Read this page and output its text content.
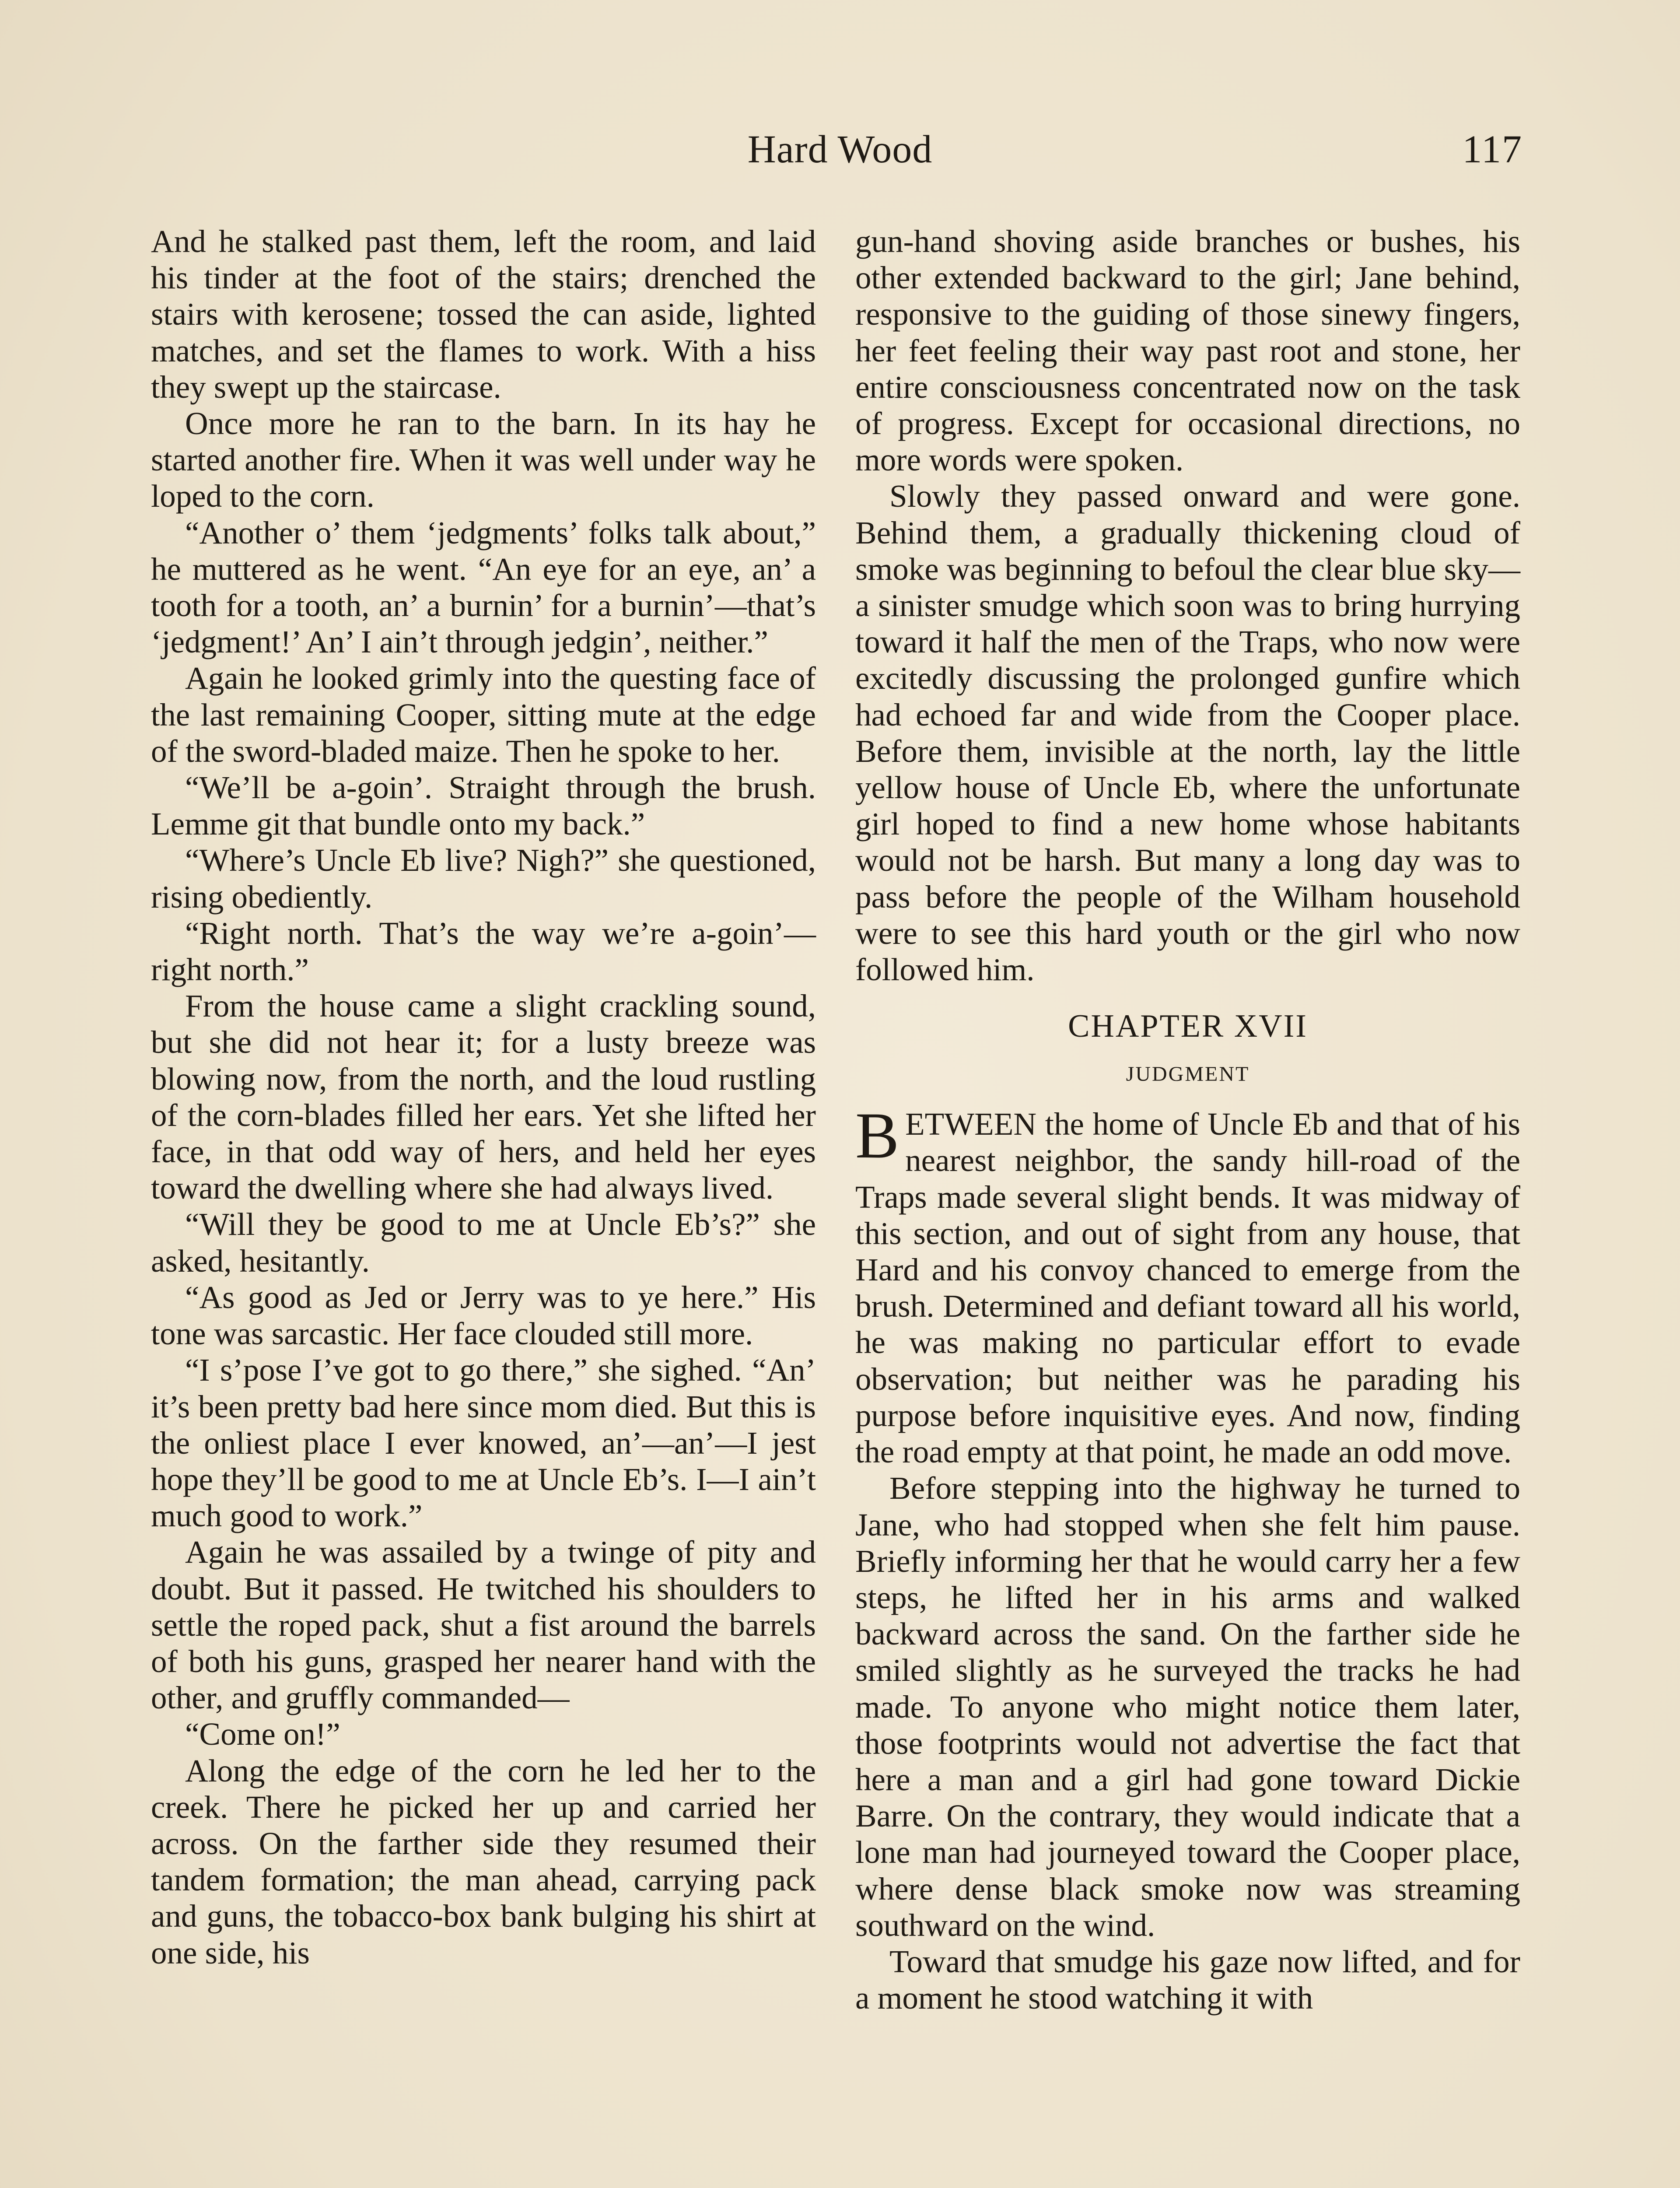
Hard Wood	117

And he stalked past them, left the room, and laid his tinder at the foot of the stairs; drenched the stairs with kerosene; tossed the can aside, lighted matches, and set the flames to work. With a hiss they swept up the staircase.

Once more he ran to the barn. In its hay he started another fire. When it was well under way he loped to the corn.

“Another o’ them ‘jedgments’ folks talk about,” he muttered as he went. “An eye for an eye, an’ a tooth for a tooth, an’ a burnin’ for a burnin’—that’s ‘jedgment!’ An’ I ain’t through jedgin’, neither.”

Again he looked grimly into the questing face of the last remaining Cooper, sitting mute at the edge of the sword-bladed maize. Then he spoke to her.

“We’ll be a-goin’. Straight through the brush. Lemme git that bundle onto my back.”

“Where’s Uncle Eb live? Nigh?” she questioned, rising obediently.

“Right north. That’s the way we’re a-goin’—right north.”

From the house came a slight crackling sound, but she did not hear it; for a lusty breeze was blowing now, from the north, and the loud rustling of the corn-blades filled her ears. Yet she lifted her face, in that odd way of hers, and held her eyes toward the dwelling where she had always lived.

“Will they be good to me at Uncle Eb’s?” she asked, hesitantly.

“As good as Jed or Jerry was to ye here.” His tone was sarcastic. Her face clouded still more.

“I s’pose I’ve got to go there,” she sighed. “An’ it’s been pretty bad here since mom died. But this is the onliest place I ever knowed, an’—an’—I jest hope they’ll be good to me at Uncle Eb’s. I—I ain’t much good to work.”

Again he was assailed by a twinge of pity and doubt. But it passed. He twitched his shoulders to settle the roped pack, shut a fist around the barrels of both his guns, grasped her nearer hand with the other, and gruffly commanded—

“Come on!”

Along the edge of the corn he led her to the creek. There he picked her up and carried her across. On the farther side they resumed their tandem formation; the man ahead, carrying pack and guns, the tobacco-box bank bulging his shirt at one side, his

gun-hand shoving aside branches or bushes, his other extended backward to the girl; Jane behind, responsive to the guiding of those sinewy fingers, her feet feeling their way past root and stone, her entire consciousness concentrated now on the task of progress. Except for occasional directions, no more words were spoken.

Slowly they passed onward and were gone. Behind them, a gradually thickening cloud of smoke was beginning to befoul the clear blue sky—a sinister smudge which soon was to bring hurrying toward it half the men of the Traps, who now were excitedly discussing the prolonged gunfire which had echoed far and wide from the Cooper place. Before them, invisible at the north, lay the little yellow house of Uncle Eb, where the unfortunate girl hoped to find a new home whose habitants would not be harsh. But many a long day was to pass before the people of the Wilham household were to see this hard youth or the girl who now followed him.

CHAPTER XVII
JUDGMENT

BETWEEN the home of Uncle Eb and that of his nearest neighbor, the sandy hill-road of the Traps made several slight bends. It was midway of this section, and out of sight from any house, that Hard and his convoy chanced to emerge from the brush. Determined and defiant toward all his world, he was making no particular effort to evade observation; but neither was he parading his purpose before inquisitive eyes. And now, finding the road empty at that point, he made an odd move.

Before stepping into the highway he turned to Jane, who had stopped when she felt him pause. Briefly informing her that he would carry her a few steps, he lifted her in his arms and walked backward across the sand. On the farther side he smiled slightly as he surveyed the tracks he had made. To anyone who might notice them later, those footprints would not advertise the fact that here a man and a girl had gone toward Dickie Barre. On the contrary, they would indicate that a lone man had journeyed toward the Cooper place, where dense black smoke now was streaming southward on the wind.

Toward that smudge his gaze now lifted, and for a moment he stood watching it with
